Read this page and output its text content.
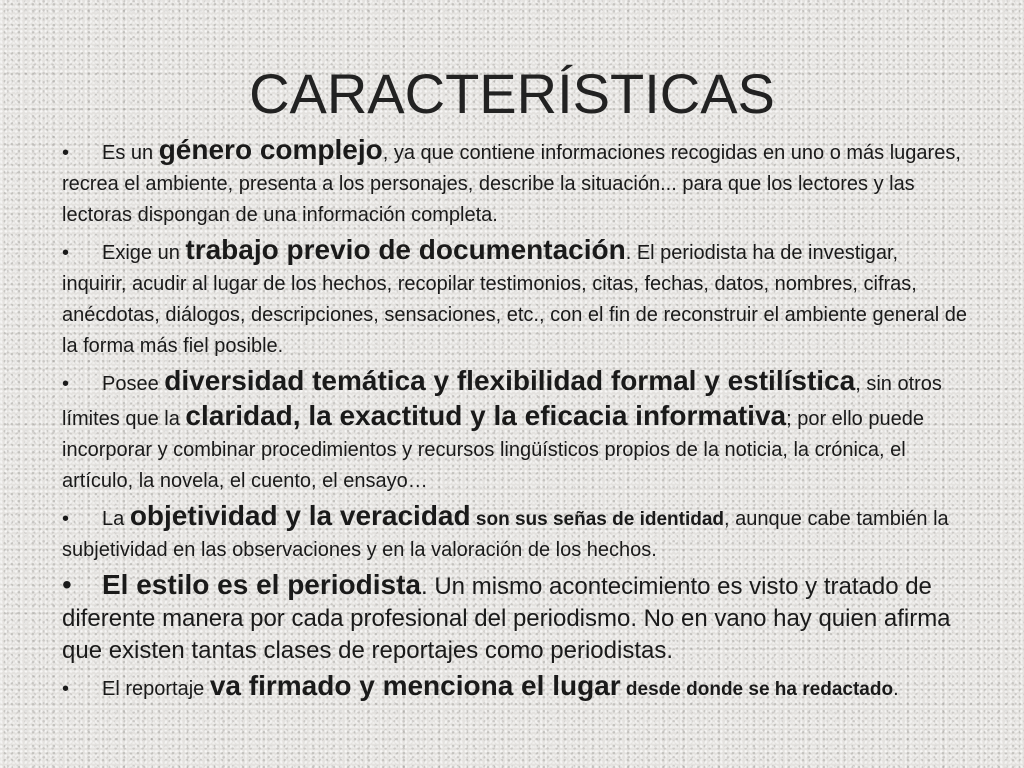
CARACTERÍSTICAS

• Es un género complejo, ya que contiene informaciones recogidas en uno o más lugares, recrea el ambiente, presenta a los personajes, describe la situación... para que los lectores y las lectoras dispongan de una información completa.

• Exige un trabajo previo de documentación. El periodista ha de investigar, inquirir, acudir al lugar de los hechos, recopilar testimonios, citas, fechas, datos, nombres, cifras, anécdotas, diálogos, descripciones, sensaciones, etc., con el fin de reconstruir el ambiente general de la forma más fiel posible.

• Posee diversidad temática y flexibilidad formal y estilística, sin otros límites que la claridad, la exactitud y la eficacia informativa; por ello puede incorporar y combinar procedimientos y recursos lingüísticos propios de la noticia, la crónica, el artículo, la novela, el cuento, el ensayo…

• La objetividad y la veracidad son sus señas de identidad, aunque cabe también la subjetividad en las observaciones y en la valoración de los hechos.

• El estilo es el periodista. Un mismo acontecimiento es visto y tratado de diferente manera por cada profesional del periodismo. No en vano hay quien afirma que existen tantas clases de reportajes como periodistas.

• El reportaje va firmado y menciona el lugar desde donde se ha redactado.
